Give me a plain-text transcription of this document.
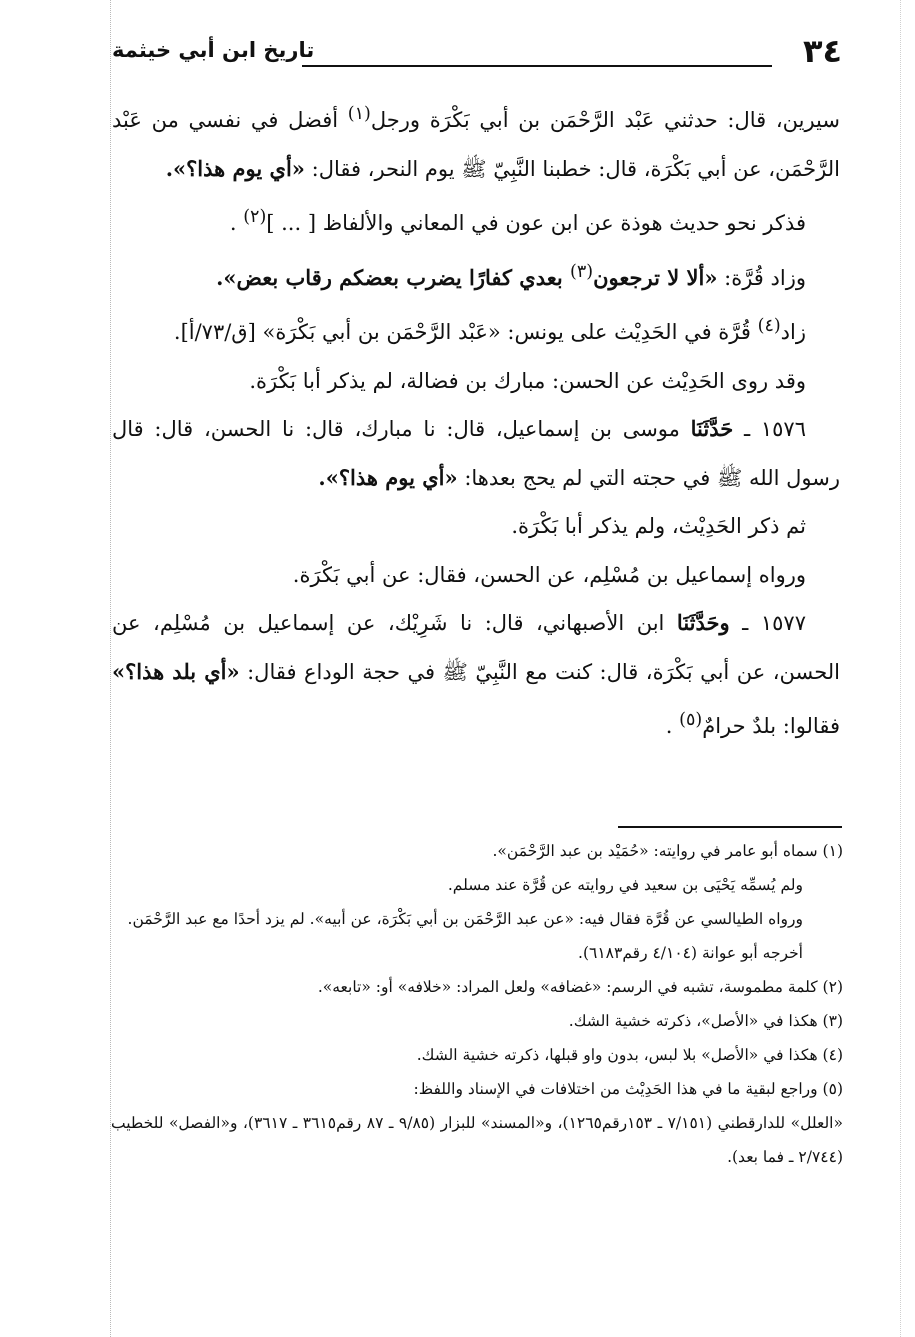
٣٤
تاريخ ابن أبي خيثمة

سيرين، قال: حدثني عَبْد الرَّحْمَن بن أبي بَكْرَة ورجل$^{(١)}$ أفضل في نفسي من عَبْد الرَّحْمَن، عن أبي بَكْرَة، قال: خطبنا النَّبِيّ ﷺ يوم النحر، فقال: «أي يوم هذا؟».

فذكر نحو حديث هوذة عن ابن عون في المعاني والألفاظ [ ... ]$^{(٢)}$ .

وزاد قُرَّة: «ألا لا ترجعون$^{(٣)}$ بعدي كفارًا يضرب بعضكم رقاب بعض».

زاد$^{(٤)}$ قُرَّة في الحَدِيْث على يونس: «عَبْد الرَّحْمَن بن أبي بَكْرَة» [ق/٧٣/أ].

وقد روى الحَدِيْث عن الحسن: مبارك بن فضالة، لم يذكر أبا بَكْرَة.

١٥٧٦ ـ حَدَّثَنَا موسى بن إسماعيل، قال: نا مبارك، قال: نا الحسن، قال: قال رسول الله ﷺ في حجته التي لم يحج بعدها: «أي يوم هذا؟».

ثم ذكر الحَدِيْث، ولم يذكر أبا بَكْرَة.

ورواه إسماعيل بن مُسْلِم، عن الحسن، فقال: عن أبي بَكْرَة.

١٥٧٧ ـ وحَدَّثَنَا ابن الأصبهاني، قال: نا شَرِيْك، عن إسماعيل بن مُسْلِم، عن الحسن، عن أبي بَكْرَة، قال: كنت مع النَّبِيّ ﷺ في حجة الوداع فقال: «أي بلد هذا؟» فقالوا: بلدٌ حرامٌ$^{(٥)}$ .

(١) سماه أبو عامر في روايته: «حُمَيْد بن عبد الرَّحْمَن».

ولم يُسمِّه يَحْيَى بن سعيد في روايته عن قُرَّة عند مسلم.

ورواه الطيالسي عن قُرَّة فقال فيه: «عن عبد الرَّحْمَن بن أبي بَكْرَة، عن أبيه». لم يزد أحدًا مع عبد الرَّحْمَن.

أخرجه أبو عوانة (٤/١٠٤ رقم٦١٨٣).

(٢) كلمة مطموسة، تشبه في الرسم: «غضافه» ولعل المراد: «خلافه» أو: «تابعه».

(٣) هكذا في «الأصل»، ذكرته خشية الشك.

(٤) هكذا في «الأصل» بلا لبس، بدون واو قبلها، ذكرته خشية الشك.

(٥) وراجع لبقية ما في هذا الحَدِيْث من اختلافات في الإسناد واللفظ:

«العلل» للدارقطني (٧/١٥١ ـ ١٥٣رقم١٢٦٥)، و«المسند» للبزار (٩/٨٥ ـ ٨٧ رقم٣٦١٥ ـ ٣٦١٧)، و«الفصل» للخطيب (٢/٧٤٤ ـ فما بعد).
